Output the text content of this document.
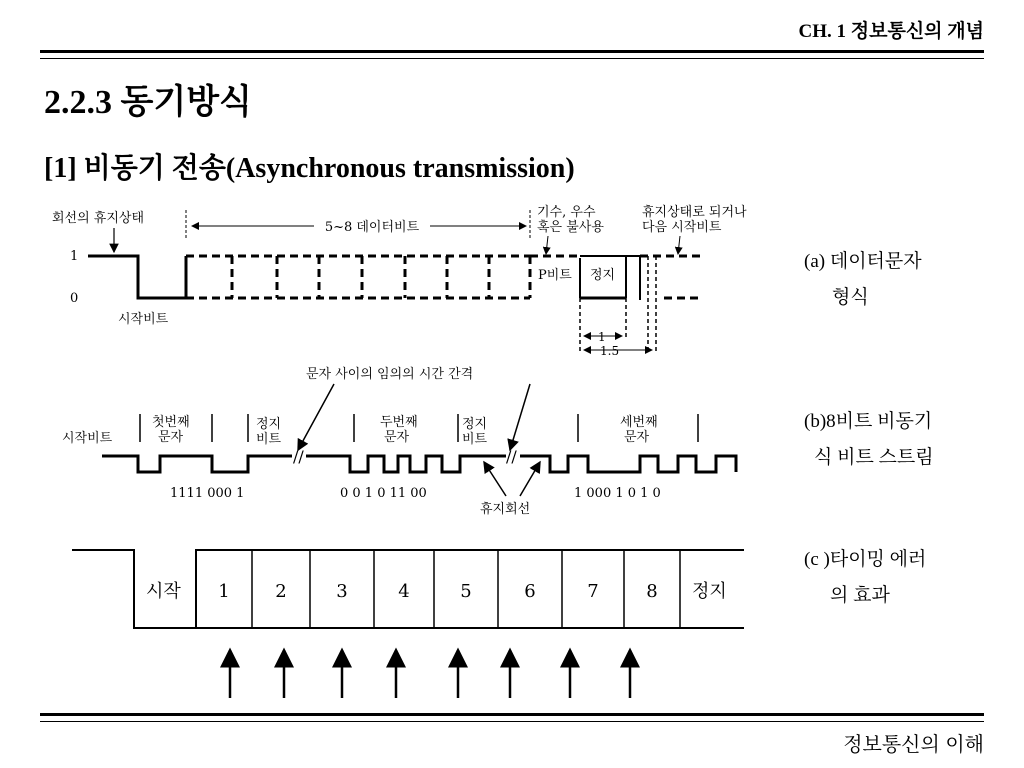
CH. 1 정보통신의 개념
2.2.3 동기방식
[1] 비동기 전송(Asynchronous transmission)
회선의 휴지상태
5~8 데이터비트
기수, 우수
혹은 불사용
휴지상태로 되거나
다음 시작비트
1
0
P비트 정지
1
1.5
시작비트
문자 사이의 임의의 시간 간격
시작비트
첫번째
문자
정지
비트
두번째
문자
정지
비트
세번째
문자
//	//
1111 000 1	0 0 1 0 11 00	1 000 1 0 1 0
휴지회선
시작	정지
1	2	3	4	5	6	7	8
(a) 데이터문자
형식
(b)8비트 비동기
식 비트 스트림
(c )타이밍 에러
의 효과
정보통신의 이해
